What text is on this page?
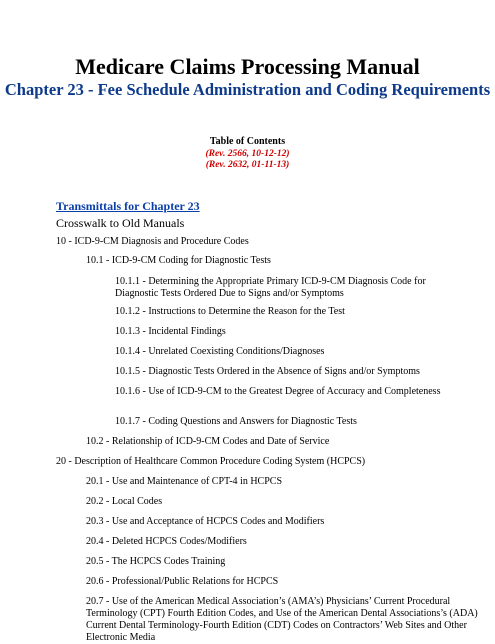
Medicare Claims Processing Manual
Chapter 23 - Fee Schedule Administration and Coding Requirements
Table of Contents
(Rev. 2566, 10-12-12)
(Rev. 2632, 01-11-13)
Transmittals for Chapter 23
Crosswalk to Old Manuals

10 - ICD-9-CM Diagnosis and Procedure Codes

10.1 - ICD-9-CM Coding for Diagnostic Tests

10.1.1 - Determining the Appropriate Primary ICD-9-CM Diagnosis Code for Diagnostic Tests Ordered Due to Signs and/or Symptoms

10.1.2 - Instructions to Determine the Reason for the Test

10.1.3 - Incidental Findings

10.1.4 - Unrelated Coexisting Conditions/Diagnoses

10.1.5 - Diagnostic Tests Ordered in the Absence of Signs and/or Symptoms

10.1.6 - Use of ICD-9-CM to the Greatest Degree of Accuracy and Completeness

10.1.7 - Coding Questions and Answers for Diagnostic Tests

10.2 - Relationship of ICD-9-CM Codes and Date of Service

20 - Description of Healthcare Common Procedure Coding System (HCPCS)

20.1 - Use and Maintenance of CPT-4 in HCPCS

20.2 - Local Codes

20.3 - Use and Acceptance of HCPCS Codes and Modifiers

20.4 - Deleted HCPCS Codes/Modifiers

20.5 - The HCPCS Codes Training

20.6 - Professional/Public Relations for HCPCS

20.7 - Use of the American Medical Association’s (AMA’s) Physicians’ Current Procedural Terminology (CPT) Fourth Edition Codes, and Use of the American Dental Associations’s (ADA) Current Dental Terminology-Fourth Edition (CDT) Codes on Contractors’ Web Sites and Other Electronic Media
